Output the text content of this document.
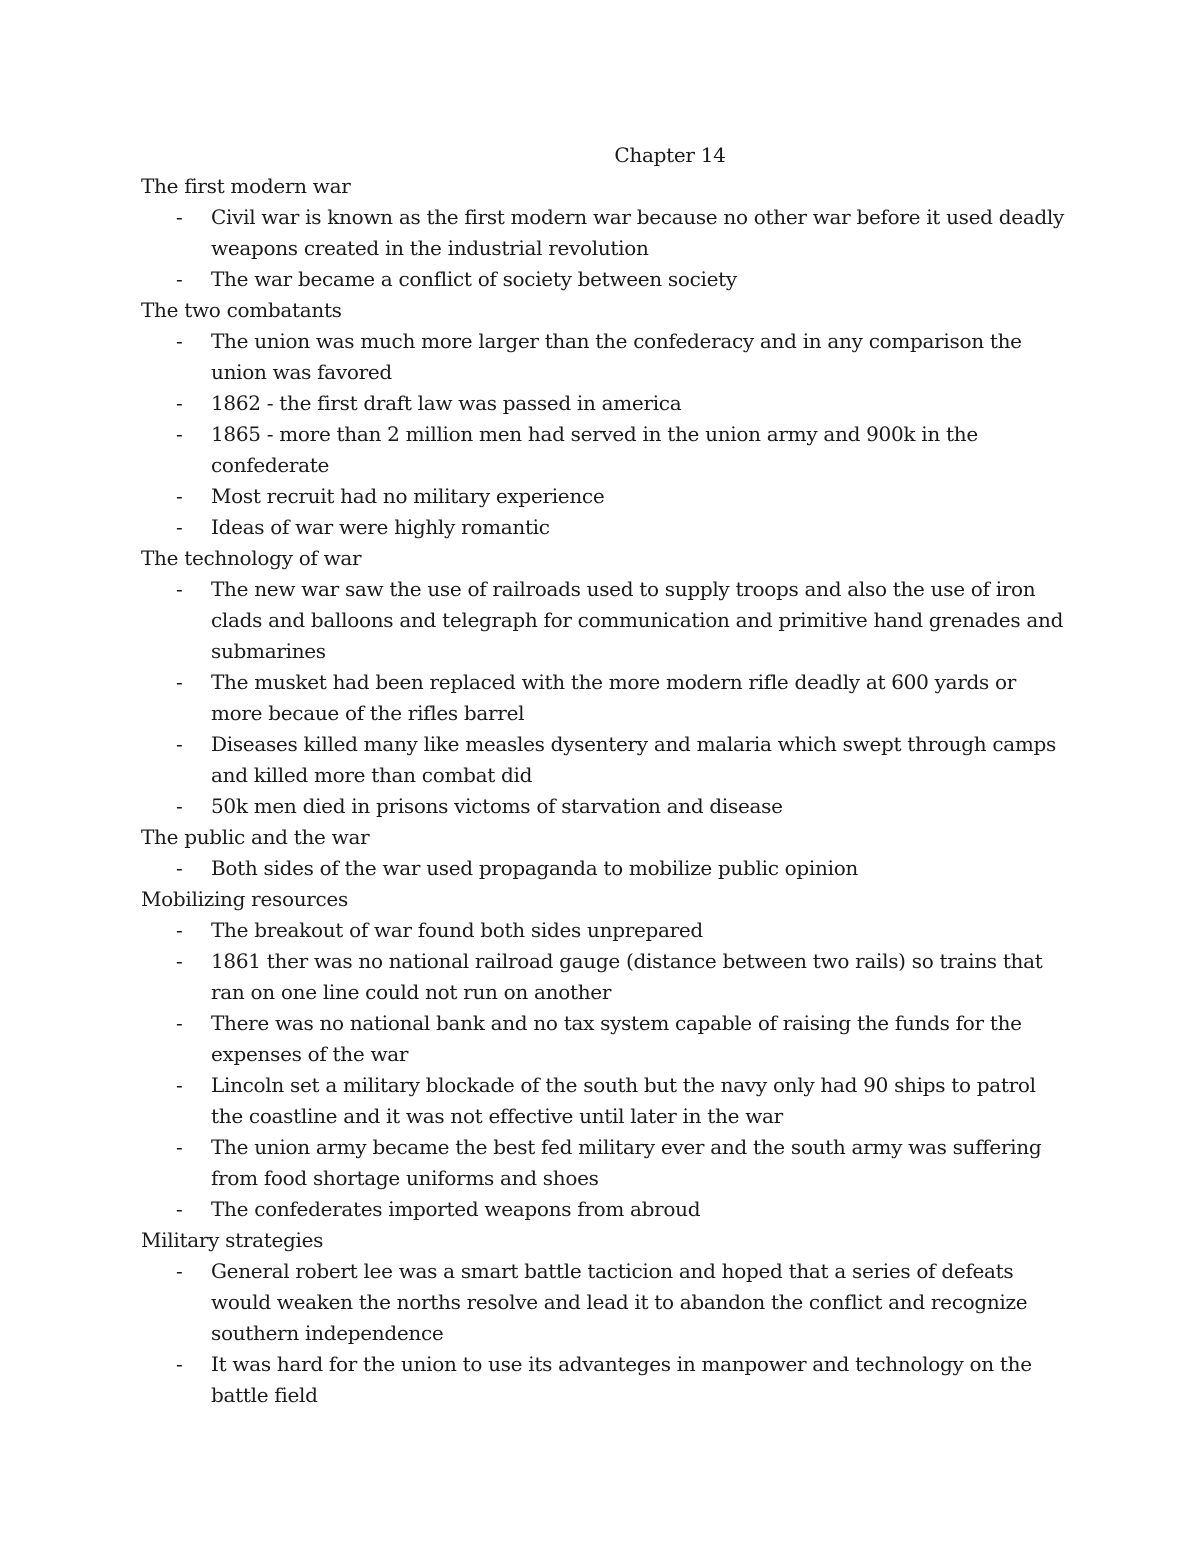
Chapter 14
The first modern war
- Civil war is known as the first modern war because no other war before it used deadly weapons created in the industrial revolution
- The war became a conflict of society between society
The two combatants
- The union was much more larger than the confederacy and in any comparison the union was favored
- 1862 - the first draft law was passed in america
- 1865 - more than 2 million men had served in the union army and 900k in the confederate
- Most recruit had no military experience
- Ideas of war were highly romantic
The technology of war
- The new war saw the use of railroads used to supply troops and also the use of iron clads and balloons and telegraph for communication and primitive hand grenades and submarines
- The musket had been replaced with the more modern rifle deadly at 600 yards or more becaue of the rifles barrel
- Diseases killed many like measles dysentery and malaria which swept through camps and killed more than combat did
- 50k men died in prisons victoms of starvation and disease
The public and the war
- Both sides of the war used propaganda to mobilize public opinion
Mobilizing resources
- The breakout of war found both sides unprepared
- 1861 ther was no national railroad gauge (distance between two rails) so trains that ran on one line could not run on another
- There was no national bank and no tax system capable of raising the funds for the expenses of the war
- Lincoln set a military blockade of the south but the navy only had 90 ships to patrol the coastline and it was not effective until later in the war
- The union army became the best fed military ever and the south army was suffering from food shortage uniforms and shoes
- The confederates imported weapons from abroud
Military strategies
- General robert lee was a smart battle tacticion and hoped that a series of defeats would weaken the norths resolve and lead it to abandon the conflict and recognize southern independence
- It was hard for the union to use its advanteges in manpower and technology on the battle field
